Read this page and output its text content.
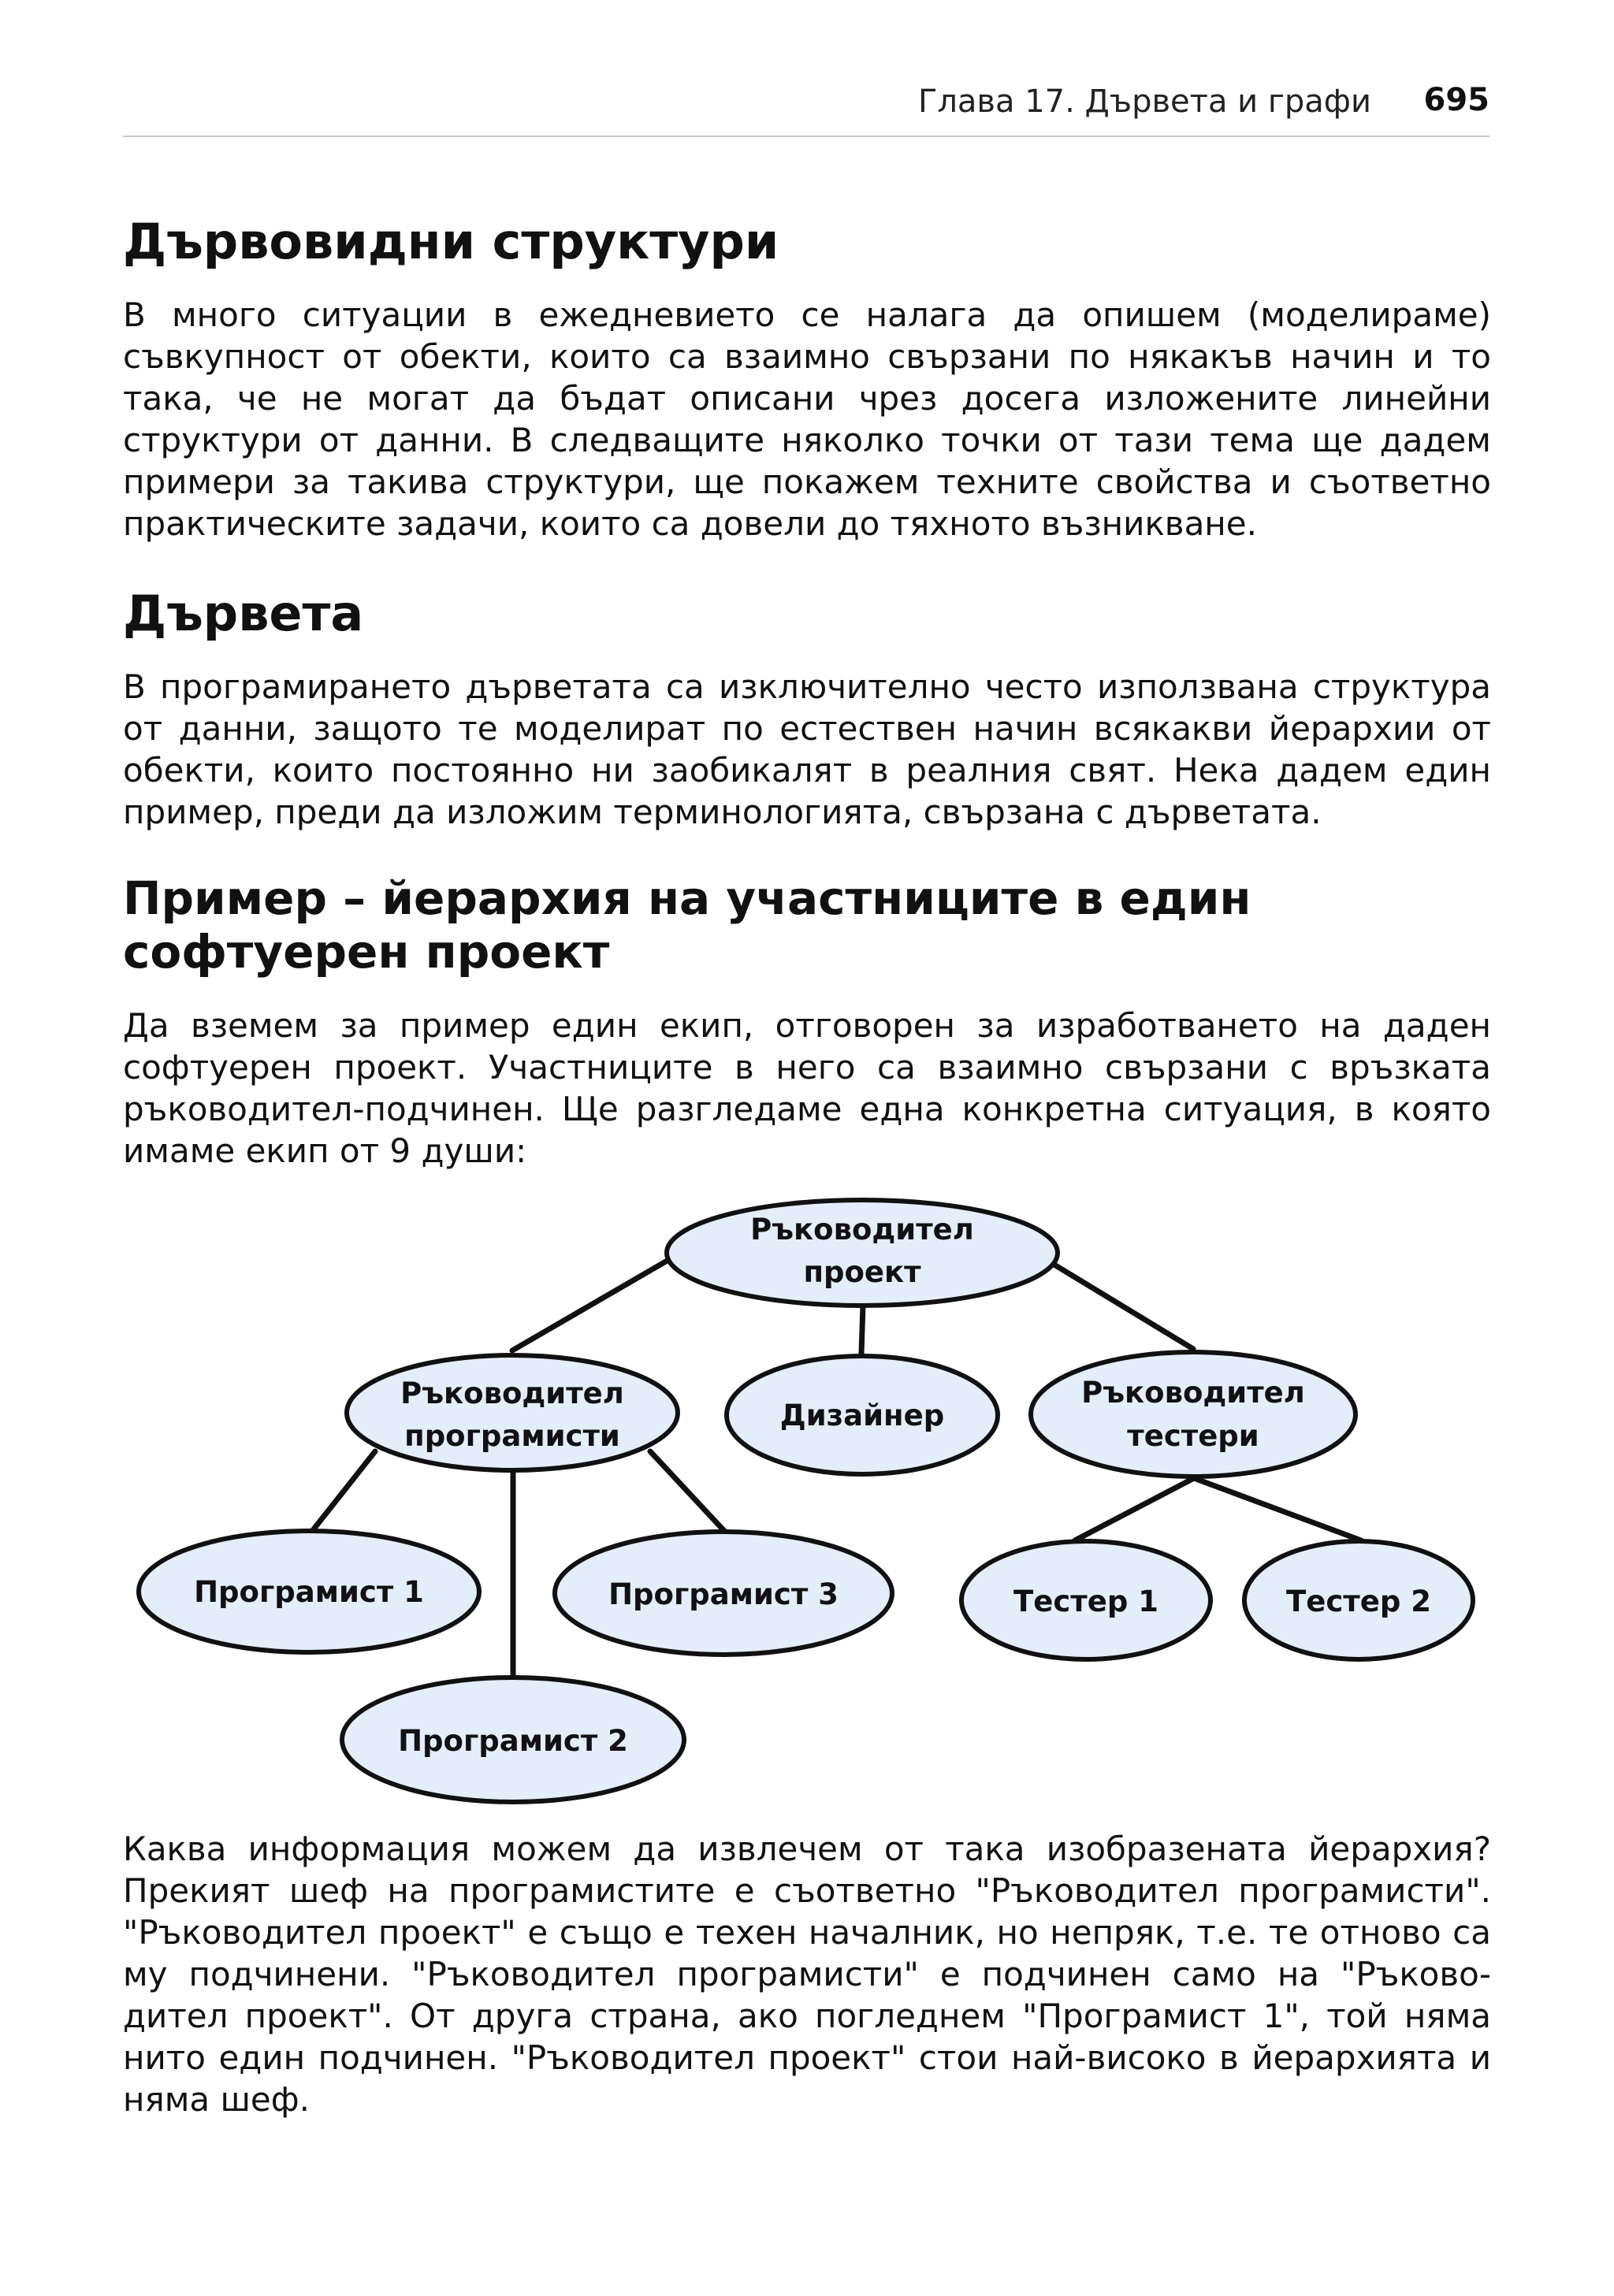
Глава 17. Дървета и графи 695
Дървовидни структури

В много ситуации в ежедневието се налага да опишем (моделираме) съвкупност от обекти, които са взаимно свързани по някакъв начин и то така, че не могат да бъдат описани чрез досега изложените линейни структури от данни. В следващите няколко точки от тази тема ще дадем примери за такива структури, ще покажем техните свойства и съответно практическите задачи, които са довели до тяхното възникване.

Дървета

В програмирането дърветата са изключително често използвана структура от данни, защото те моделират по естествен начин всякакви йерархии от обекти, които постоянно ни заобикалят в реалния свят. Нека дадем един пример, преди да изложим терминологията, свързана с дърветата.

Пример – йерархия на участниците в един
софтуерен проект

Да вземем за пример един екип, отговорен за изработването на даден софтуерен проект. Участниците в него са взаимно свързани с връзката ръководител-подчинен. Ще разгледаме една конкретна ситуация, в която имаме екип от 9 души:

Ръководител
проект
Ръководител
програмисти
Дизайнер
Ръководител
тестери
Програмист 1	Програмист 3
Програмист 2
Тестер 1	Тестер 2

Каква информация можем да извлечем от така изобразената йерархия? Прекият шеф на програмистите е съответно "Ръководител програмисти". "Ръководител проект" е също е техен началник, но непряк, т.е. те отново са му подчинени. "Ръководител програмисти" е подчинен само на "Ръково-дител проект". От друга страна, ако погледнем "Програмист 1", той няма нито един подчинен. "Ръководител проект" стои най-високо в йерархията и няма шеф.
